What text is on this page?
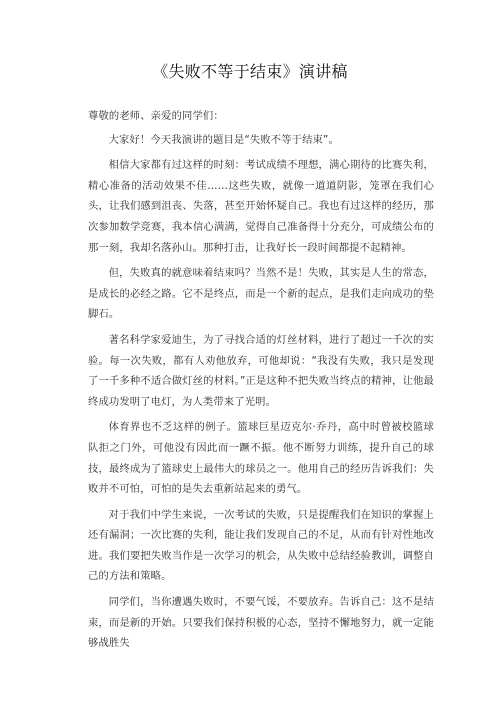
《失败不等于结束》演讲稿

尊敬的老师、亲爱的同学们：

大家好！今天我演讲的题目是“失败不等于结束”。

相信大家都有过这样的时刻：考试成绩不理想，满心期待的比赛失利，精心准备的活动效果不佳……这些失败，就像一道道阴影，笼罩在我们心头，让我们感到沮丧、失落，甚至开始怀疑自己。我也有过这样的经历，那次参加数学竞赛，我本信心满满，觉得自己准备得十分充分，可成绩公布的那一刻，我却名落孙山。那种打击，让我好长一段时间都提不起精神。

但，失败真的就意味着结束吗？当然不是！失败，其实是人生的常态，是成长的必经之路。它不是终点，而是一个新的起点，是我们走向成功的垫脚石。

著名科学家爱迪生，为了寻找合适的灯丝材料，进行了超过一千次的实验。每一次失败，都有人劝他放弃，可他却说：“我没有失败，我只是发现了一千多种不适合做灯丝的材料。”正是这种不把失败当终点的精神，让他最终成功发明了电灯，为人类带来了光明。

体育界也不乏这样的例子。篮球巨星迈克尔·乔丹，高中时曾被校篮球队拒之门外，可他没有因此而一蹶不振。他不断努力训练，提升自己的球技，最终成为了篮球史上最伟大的球员之一。他用自己的经历告诉我们：失败并不可怕，可怕的是失去重新站起来的勇气。

对于我们中学生来说，一次考试的失败，只是提醒我们在知识的掌握上还有漏洞；一次比赛的失利，能让我们发现自己的不足，从而有针对性地改进。我们要把失败当作是一次学习的机会，从失败中总结经验教训，调整自己的方法和策略。

同学们，当你遭遇失败时，不要气馁，不要放弃。告诉自己：这不是结束，而是新的开始。只要我们保持积极的心态，坚持不懈地努力，就一定能够战胜失
